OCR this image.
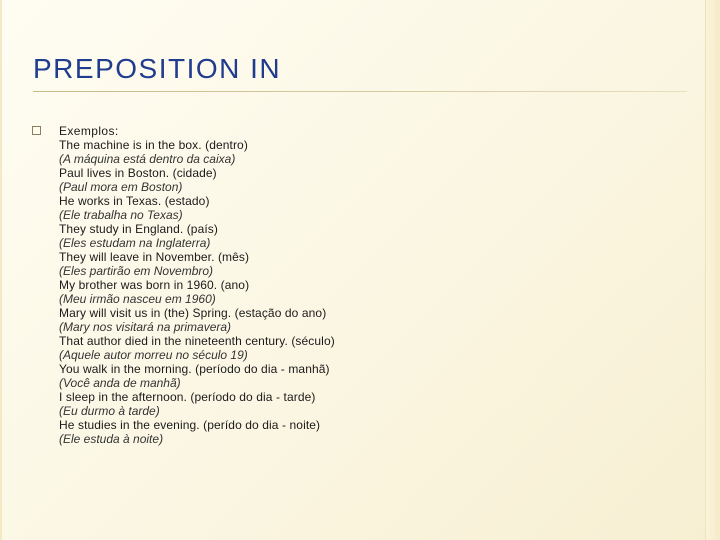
PREPOSITION IN
Exemplos:
The machine is in the box. (dentro)
(A máquina está dentro da caixa)
Paul lives in Boston. (cidade)
(Paul mora em Boston)
He works in Texas. (estado)
(Ele trabalha no Texas)
They study in England. (país)
(Eles estudam na Inglaterra)
They will leave in November. (mês)
(Eles partirão em Novembro)
My brother was born in 1960. (ano)
(Meu irmão nasceu em 1960)
Mary will visit us in (the) Spring. (estação do ano)
(Mary nos visitará na primavera)
That author died in the nineteenth century. (século)
(Aquele autor morreu no século 19)
You walk in the morning. (período do dia - manhã)
(Você anda de manhã)
I sleep in the afternoon. (período do dia - tarde)
(Eu durmo à tarde)
He studies in the evening. (perído do dia - noite)
(Ele estuda à noite)
